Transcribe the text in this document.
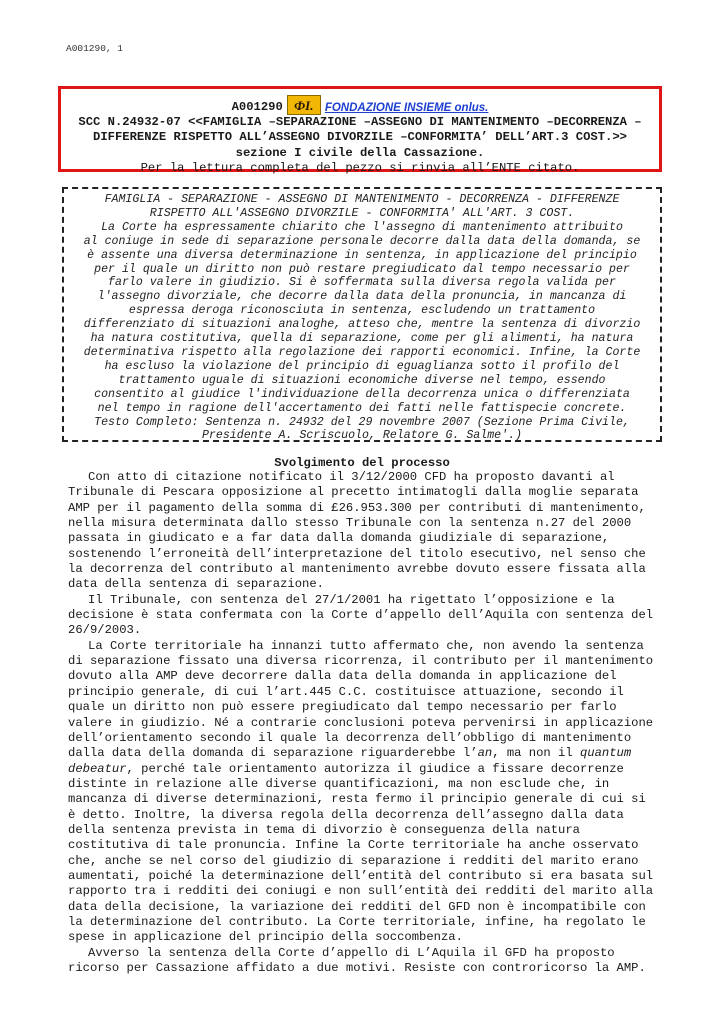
A001290, 1
A001290 ФI. FONDAZIONE INSIEME onlus.
SCC N.24932-07 <<FAMIGLIA –SEPARAZIONE –ASSEGNO DI MANTENIMENTO –DECORRENZA –
DIFFERENZE RISPETTO ALL’ASSEGNO DIVORZILE –CONFORMITA’ DELL’ART.3 COST.>>
sezione I civile della Cassazione.
Per la lettura completa del pezzo si rinvia all’ENTE citato.

FAMIGLIA - SEPARAZIONE - ASSEGNO DI MANTENIMENTO - DECORRENZA - DIFFERENZE

RISPETTO ALL'ASSEGNO DIVORZILE - CONFORMITA' ALL'ART. 3 COST.

La Corte ha espressamente chiarito che l'assegno di mantenimento attribuito

al coniuge in sede di separazione personale decorre dalla data della domanda, se

è assente una diversa determinazione in sentenza, in applicazione del principio

per il quale un diritto non può restare pregiudicato dal tempo necessario per

farlo valere in giudizio. Si è soffermata sulla diversa regola valida per

l'assegno divorziale, che decorre dalla data della pronuncia, in mancanza di

espressa deroga riconosciuta in sentenza, escludendo un trattamento

differenziato di situazioni analoghe, atteso che, mentre la sentenza di divorzio

ha natura costitutiva, quella di separazione, come per gli alimenti, ha natura

determinativa rispetto alla regolazione dei rapporti economici. Infine, la Corte

ha escluso la violazione del principio di eguaglianza sotto il profilo del

trattamento uguale di situazioni economiche diverse nel tempo, essendo

consentito al giudice l'individuazione della decorrenza unica o differenziata

nel tempo in ragione dell'accertamento dei fatti nelle fattispecie concrete.

Testo Completo: Sentenza n. 24932 del 29 novembre 2007 (Sezione Prima Civile,

Presidente A. Scriscuolo, Relatore G. Salme'.)

Svolgimento del processo

Con atto di citazione notificato il 3/12/2000 CFD ha proposto davanti al Tribunale di Pescara opposizione al precetto intimatogli dalla moglie separata AMP per il pagamento della somma di £26.953.300 per contributi di mantenimento, nella misura determinata dallo stesso Tribunale con la sentenza n.27 del 2000 passata in giudicato e a far data dalla domanda giudiziale di separazione, sostenendo l’erroneità dell’interpretazione del titolo esecutivo, nel senso che la decorrenza del contributo al mantenimento avrebbe dovuto essere fissata alla data della sentenza di separazione.

Il Tribunale, con sentenza del 27/1/2001 ha rigettato l’opposizione e la decisione è stata confermata con la Corte d’appello dell’Aquila con sentenza del 26/9/2003.

La Corte territoriale ha innanzi tutto affermato che, non avendo la sentenza di separazione fissato una diversa ricorrenza, il contributo per il mantenimento dovuto alla AMP deve decorrere dalla data della domanda in applicazione del principio generale, di cui l’art.445 C.C. costituisce attuazione, secondo il quale un diritto non può essere pregiudicato dal tempo necessario per farlo valere in giudizio. Né a contrarie conclusioni poteva pervenirsi in applicazione dell’orientamento secondo il quale la decorrenza dell’obbligo di mantenimento dalla data della domanda di separazione riguarderebbe l’an, ma non il quantum debeatur, perché tale orientamento autorizza il giudice a fissare decorrenze distinte in relazione alle diverse quantificazioni, ma non esclude che, in mancanza di diverse determinazioni, resta fermo il principio generale di cui si è detto. Inoltre, la diversa regola della decorrenza dell’assegno dalla data della sentenza prevista in tema di divorzio è conseguenza della natura costitutiva di tale pronuncia. Infine la Corte territoriale ha anche osservato che, anche se nel corso del giudizio di separazione i redditi del marito erano aumentati, poiché la determinazione dell’entità del contributo si era basata sul rapporto tra i redditi dei coniugi e non sull’entità dei redditi del marito alla data della decisione, la variazione dei redditi del GFD non è incompatibile con la determinazione del contributo. La Corte territoriale, infine, ha regolato le spese in applicazione del principio della soccombenza.

Avverso la sentenza della Corte d’appello di L’Aquila il GFD ha proposto ricorso per Cassazione affidato a due motivi. Resiste con controricorso la AMP.
